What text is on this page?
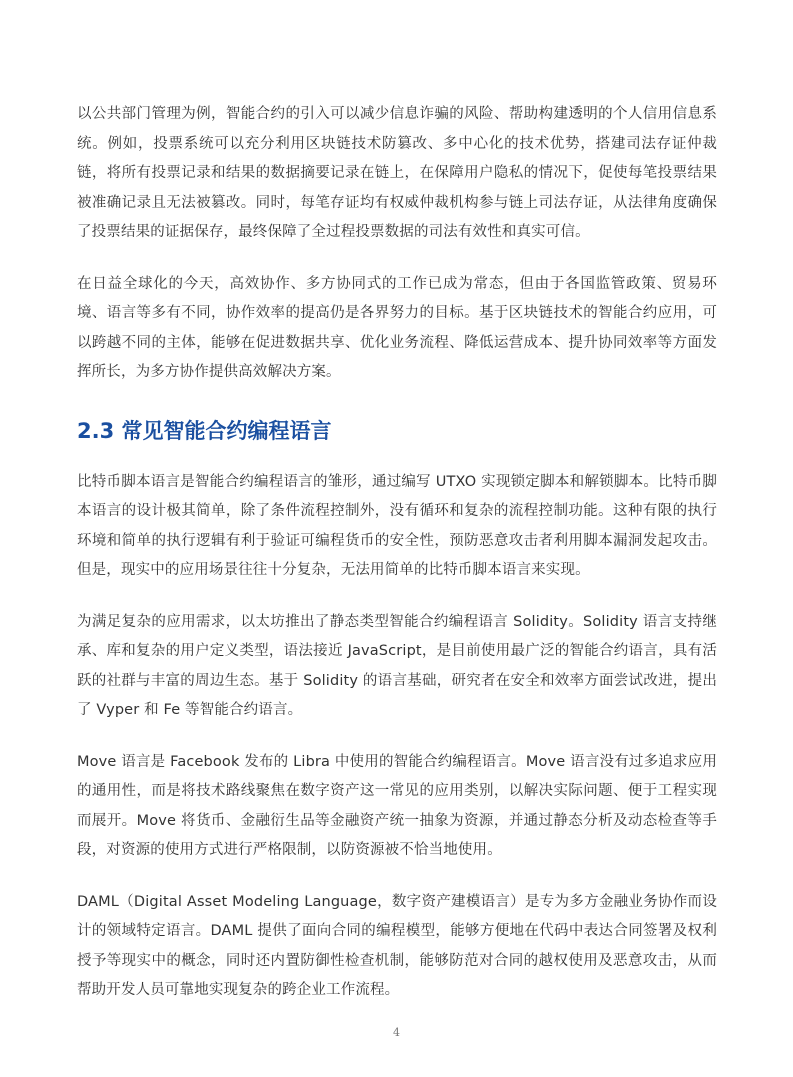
以公共部门管理为例，智能合约的引入可以减少信息诈骗的风险、帮助构建透明的个人信用信息系统。例如，投票系统可以充分利用区块链技术防篡改、多中心化的技术优势，搭建司法存证仲裁链，将所有投票记录和结果的数据摘要记录在链上，在保障用户隐私的情况下，促使每笔投票结果被准确记录且无法被篡改。同时，每笔存证均有权威仲裁机构参与链上司法存证，从法律角度确保了投票结果的证据保存，最终保障了全过程投票数据的司法有效性和真实可信。

在日益全球化的今天，高效协作、多方协同式的工作已成为常态，但由于各国监管政策、贸易环境、语言等多有不同，协作效率的提高仍是各界努力的目标。基于区块链技术的智能合约应用，可以跨越不同的主体，能够在促进数据共享、优化业务流程、降低运营成本、提升协同效率等方面发挥所长，为多方协作提供高效解决方案。

2.3 常见智能合约编程语言

比特币脚本语言是智能合约编程语言的雏形，通过编写 UTXO 实现锁定脚本和解锁脚本。比特币脚本语言的设计极其简单，除了条件流程控制外，没有循环和复杂的流程控制功能。这种有限的执行环境和简单的执行逻辑有利于验证可编程货币的安全性，预防恶意攻击者利用脚本漏洞发起攻击。但是，现实中的应用场景往往十分复杂，无法用简单的比特币脚本语言来实现。

为满足复杂的应用需求，以太坊推出了静态类型智能合约编程语言 Solidity。Solidity 语言支持继承、库和复杂的用户定义类型，语法接近 JavaScript，是目前使用最广泛的智能合约语言，具有活跃的社群与丰富的周边生态。基于 Solidity 的语言基础，研究者在安全和效率方面尝试改进，提出了 Vyper 和 Fe 等智能合约语言。

Move 语言是 Facebook 发布的 Libra 中使用的智能合约编程语言。Move 语言没有过多追求应用的通用性，而是将技术路线聚焦在数字资产这一常见的应用类别，以解决实际问题、便于工程实现而展开。Move 将货币、金融衍生品等金融资产统一抽象为资源，并通过静态分析及动态检查等手段，对资源的使用方式进行严格限制，以防资源被不恰当地使用。

DAML（Digital Asset Modeling Language，数字资产建模语言）是专为多方金融业务协作而设计的领域特定语言。DAML 提供了面向合同的编程模型，能够方便地在代码中表达合同签署及权利授予等现实中的概念，同时还内置防御性检查机制，能够防范对合同的越权使用及恶意攻击，从而帮助开发人员可靠地实现复杂的跨企业工作流程。

4
